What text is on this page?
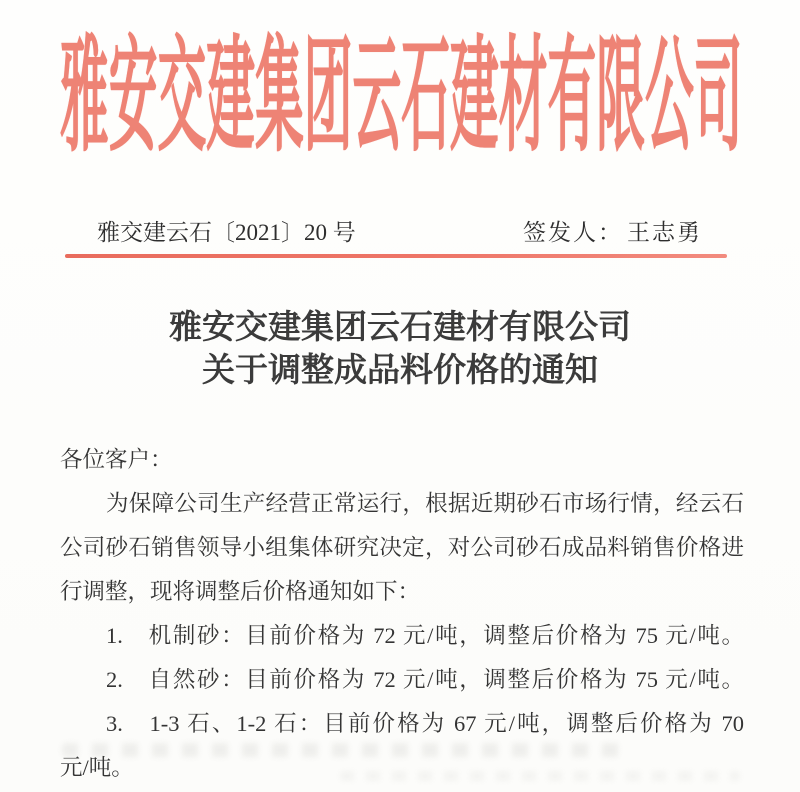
雅安交建集团云石建材有限公司
雅交建云石〔2021〕20 号	签发人： 王志勇
雅安交建集团云石建材有限公司
关于调整成品料价格的通知
各位客户：
为保障公司生产经营正常运行，根据近期砂石市场行情，经云石
公司砂石销售领导小组集体研究决定，对公司砂石成品料销售价格进
行调整，现将调整后价格通知如下：
1.　机制砂：目前价格为 72 元/吨，调整后价格为 75 元/吨。
2.　自然砂：目前价格为 72 元/吨，调整后价格为 75 元/吨。
3.　1-3 石、1-2 石：目前价格为 67 元/吨，调整后价格为 70
元/吨。
